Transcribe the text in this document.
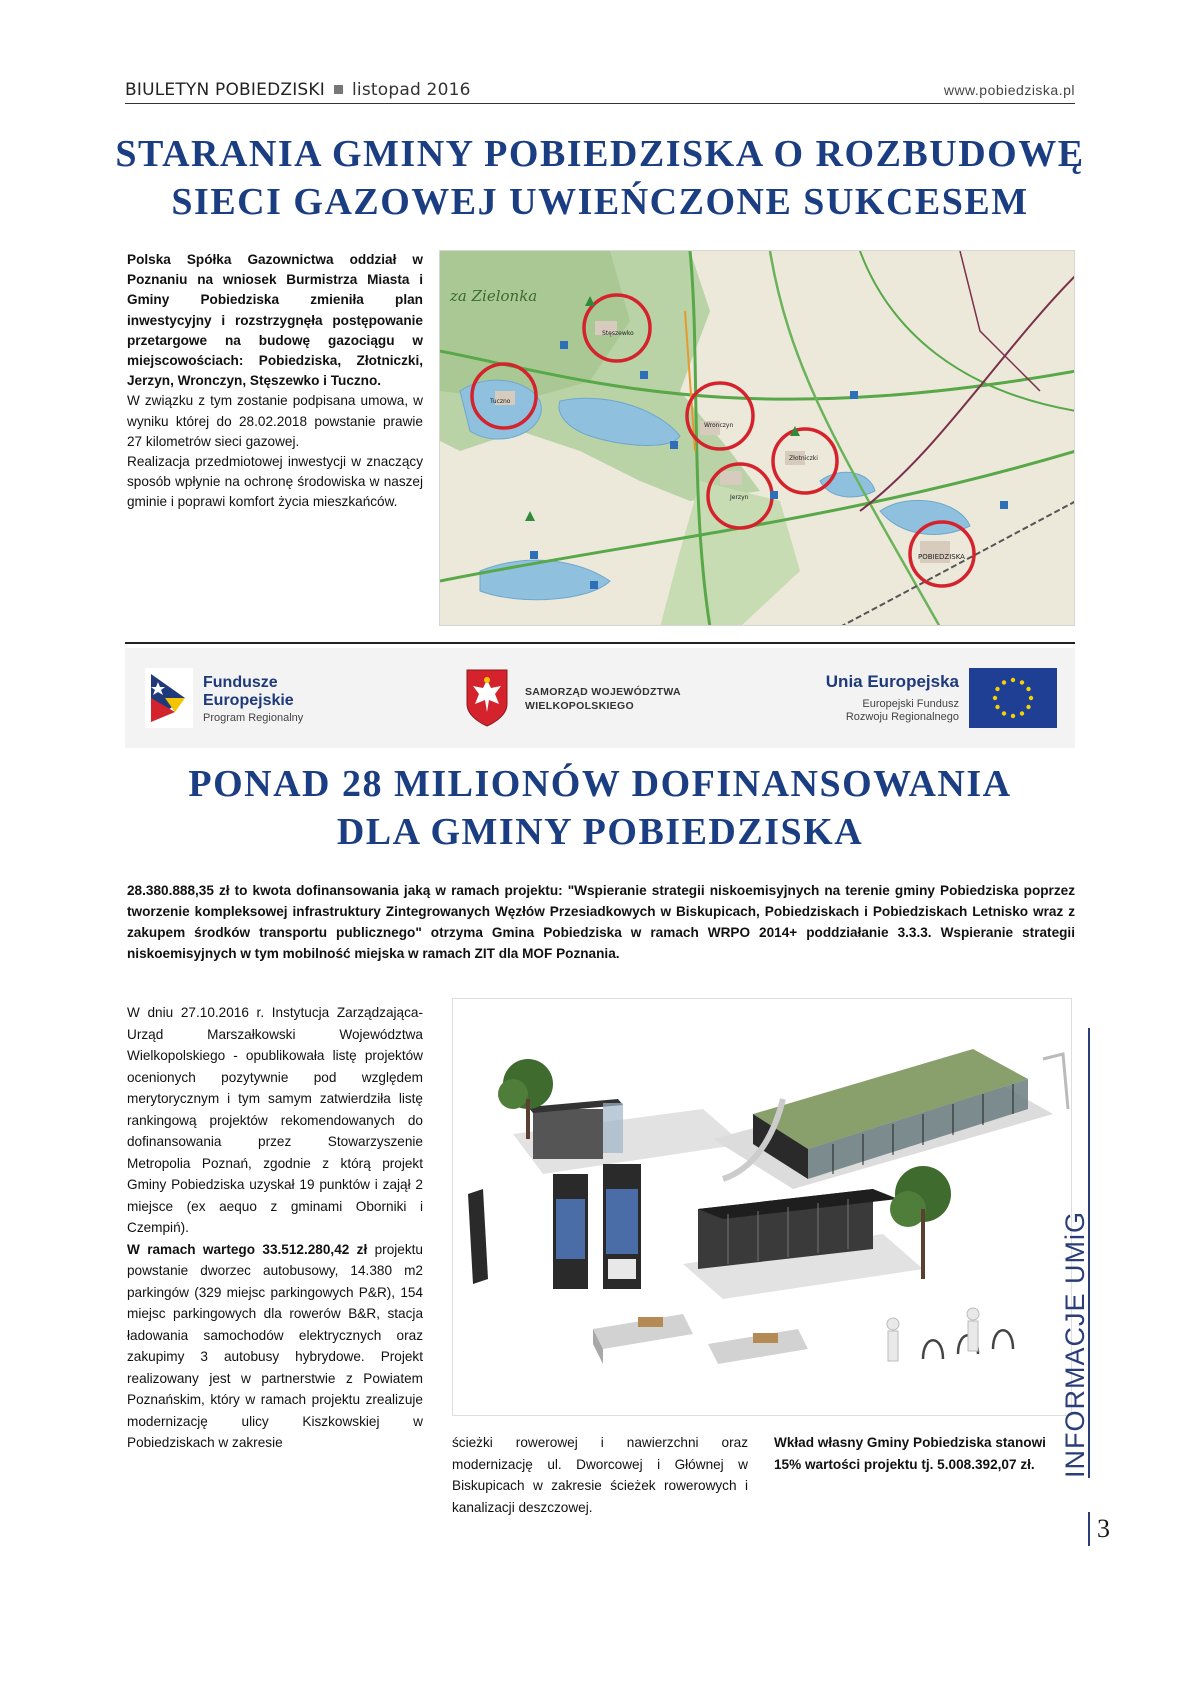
BIULETYN POBIEDZISKI listopad 2016	www.pobiedziska.pl
STARANIA GMINY POBIEDZISKA O ROZBUDOWĘ
SIECI GAZOWEJ UWIEŃCZONE SUKCESEM
Polska Spółka Gazownictwa oddział w Poznaniu na wniosek Burmistrza Miasta i Gminy Pobiedziska zmieniła plan inwestycyjny i rozstrzygnęła postępowanie przetargowe na budowę gazociągu w miejscowościach: Pobiedziska, Złotniczki, Jerzyn, Wronczyn, Stęszewko i Tuczno.
W związku z tym zostanie podpisana umowa, w wyniku której do 28.02.2018 powstanie prawie 27 kilometrów sieci gazowej.
Realizacja przedmiotowej inwestycji w znaczący sposób wpłynie na ochronę środowiska w naszej gminie i poprawi komfort życia mieszkańców.
za Zielonka
Stęszewko
Tuczno
Wronczyn
Złotniczki
Jerzyn
POBIEDZISKA
Fundusze
Europejskie
Program Regionalny
SAMORZĄD WOJEWÓDZTWA
WIELKOPOLSKIEGO
Unia Europejska
Europejski Fundusz
Rozwoju Regionalnego
PONAD 28 MILIONÓW DOFINANSOWANIA
DLA GMINY POBIEDZISKA
28.380.888,35 zł to kwota dofinansowania jaką w ramach projektu: "Wspieranie strategii niskoemisyjnych na terenie gminy Pobiedziska poprzez tworzenie kompleksowej infrastruktury Zintegrowanych Węzłów Przesiadkowych w Biskupicach, Pobiedziskach i Pobiedziskach Letnisko wraz z zakupem środków transportu publicznego" otrzyma Gmina Pobiedziska w ramach WRPO 2014+ poddziałanie 3.3.3. Wspieranie strategii niskoemisyjnych w tym mobilność miejska w ramach ZIT dla MOF Poznania.
W dniu 27.10.2016 r. Instytucja Zarządzająca-Urząd Marszałkowski Województwa Wielkopolskiego - opublikowała listę projektów ocenionych pozytywnie pod względem merytorycznym i tym samym zatwierdziła listę rankingową projektów rekomendowanych do dofinansowania przez Stowarzyszenie Metropolia Poznań, zgodnie z którą projekt Gminy Pobiedziska uzyskał 19 punktów i zajął 2 miejsce (ex aequo z gminami Oborniki i Czempiń).
W ramach wartego 33.512.280,42 zł projektu powstanie dworzec autobusowy, 14.380 m2 parkingów (329 miejsc parkingowych P&R), 154 miejsc parkingowych dla rowerów B&R, stacja ładowania samochodów elektrycznych oraz zakupimy 3 autobusy hybrydowe. Projekt realizowany jest w partnerstwie z Powiatem Poznańskim, który w ramach projektu zrealizuje modernizację ulicy Kiszkowskiej w Pobiedziskach w zakresie	ścieżki rowerowej i nawierzchni oraz modernizację ul. Dworcowej i Głównej w Biskupicach w zakresie ścieżek rowerowych i kanalizacji deszczowej.
Wkład własny Gminy Pobiedziska stanowi 15% wartości projektu tj. 5.008.392,07 zł. INFORMACJE UMiG
3
